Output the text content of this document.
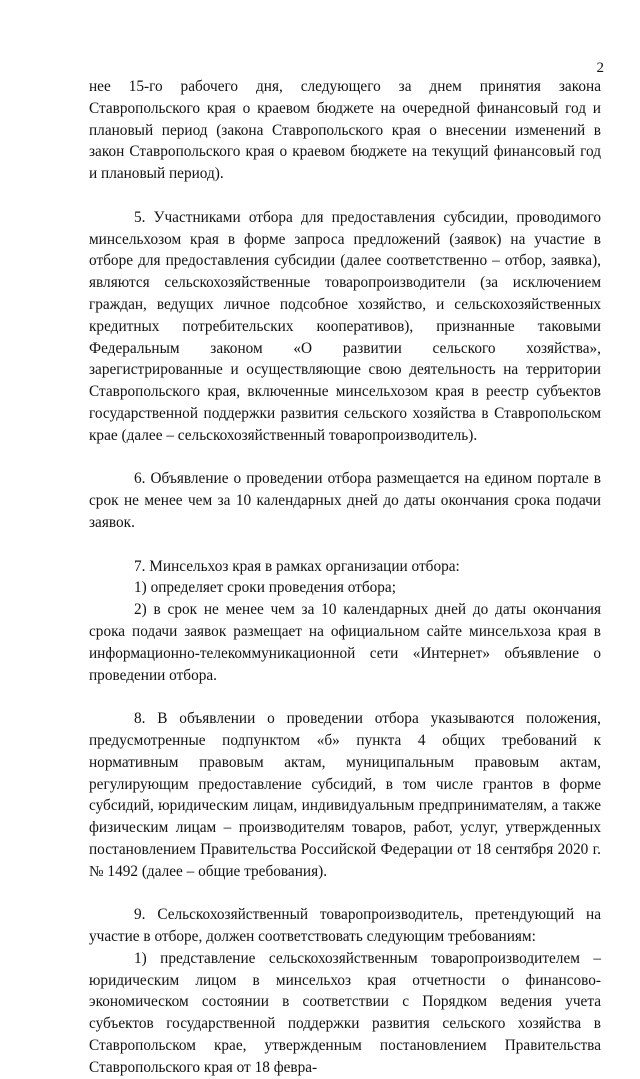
2

нее 15-го рабочего дня, следующего за днем принятия закона Ставропольского края о краевом бюджете на очередной финансовый год и плановый период (закона Ставропольского края о внесении изменений в закон Ставропольского края о краевом бюджете на текущий финансовый год и плановый период).

5. Участниками отбора для предоставления субсидии, проводимого минсельхозом края в форме запроса предложений (заявок) на участие в отборе для предоставления субсидии (далее соответственно – отбор, заявка), являются сельскохозяйственные товаропроизводители (за исключением граждан, ведущих личное подсобное хозяйство, и сельскохозяйственных кредитных потребительских кооперативов), признанные таковыми Федеральным законом «О развитии сельского хозяйства», зарегистрированные и осуществляющие свою деятельность на территории Ставропольского края, включенные минсельхозом края в реестр субъектов государственной поддержки развития сельского хозяйства в Ставропольском крае (далее – сельскохозяйственный товаропроизводитель).

6. Объявление о проведении отбора размещается на едином портале в срок не менее чем за 10 календарных дней до даты окончания срока подачи заявок.

7. Минсельхоз края в рамках организации отбора:

1) определяет сроки проведения отбора;

2) в срок не менее чем за 10 календарных дней до даты окончания срока подачи заявок размещает на официальном сайте минсельхоза края в информационно-телекоммуникационной сети «Интернет» объявление о проведении отбора.

8. В объявлении о проведении отбора указываются положения, предусмотренные подпунктом «б» пункта 4 общих требований к нормативным правовым актам, муниципальным правовым актам, регулирующим предоставление субсидий, в том числе грантов в форме субсидий, юридическим лицам, индивидуальным предпринимателям, а также физическим лицам – производителям товаров, работ, услуг, утвержденных постановлением Правительства Российской Федерации от 18 сентября 2020 г. № 1492 (далее – общие требования).

9. Сельскохозяйственный товаропроизводитель, претендующий на участие в отборе, должен соответствовать следующим требованиям:

1) представление сельскохозяйственным товаропроизводителем – юридическим лицом в минсельхоз края отчетности о финансово-экономическом состоянии в соответствии с Порядком ведения учета субъектов государственной поддержки развития сельского хозяйства в Ставропольском крае, утвержденным постановлением Правительства Ставропольского края от 18 февра-
